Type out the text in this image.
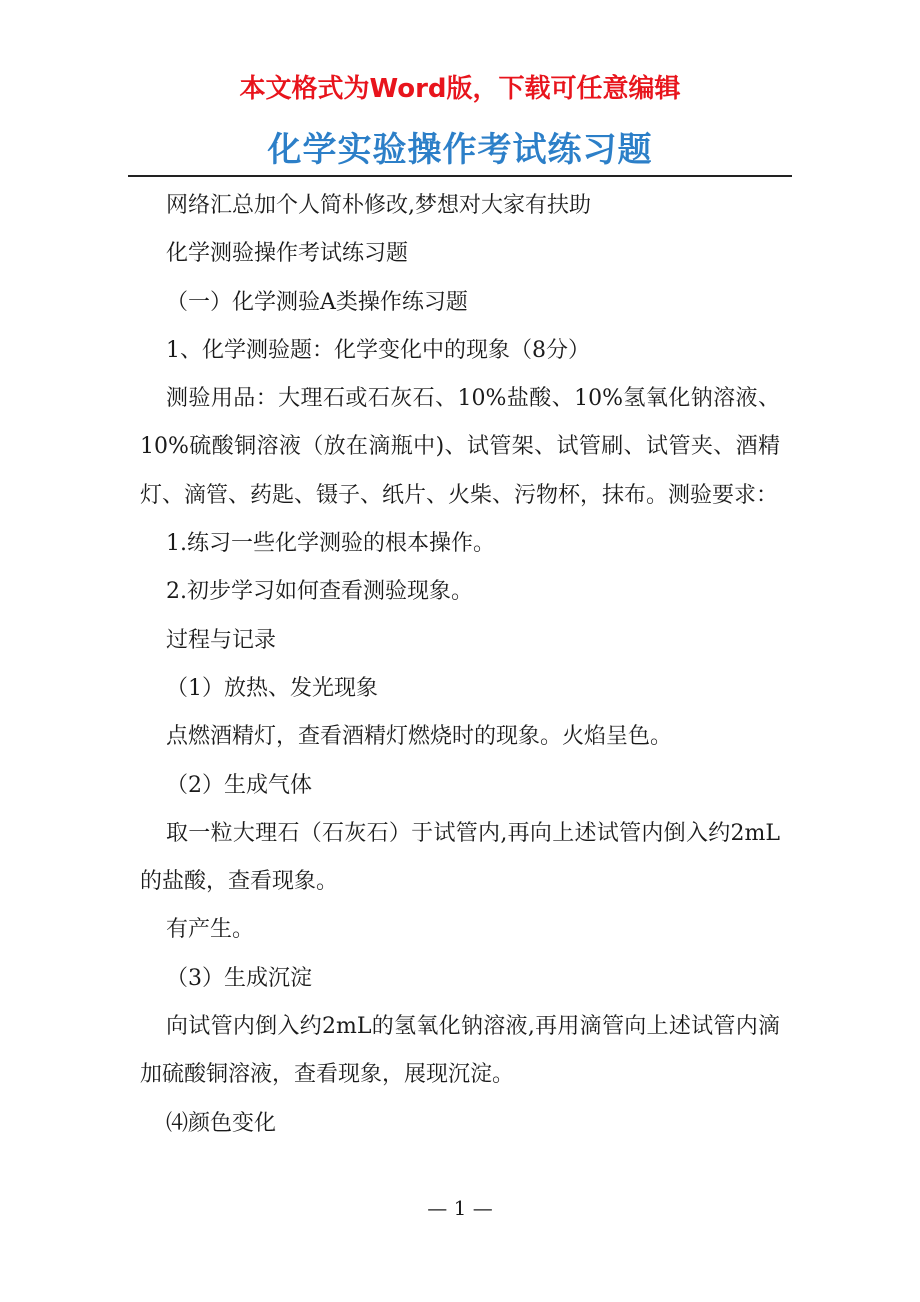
本文格式为Word版，下载可任意编辑
化学实验操作考试练习题

网络汇总加个人简朴修改,梦想对大家有扶助

化学测验操作考试练习题

（一）化学测验A类操作练习题

1、化学测验题：化学变化中的现象（8分）

测验用品：大理石或石灰石、10%盐酸、10%氢氧化钠溶液、10%硫酸铜溶液（放在滴瓶中)、试管架、试管刷、试管夹、酒精灯、滴管、药匙、镊子、纸片、火柴、污物杯，抹布。测验要求：

1.练习一些化学测验的根本操作。

2.初步学习如何查看测验现象。

过程与记录

（1）放热、发光现象

点燃酒精灯，查看酒精灯燃烧时的现象。火焰呈色。

（2）生成气体

取一粒大理石（石灰石）于试管内,再向上述试管内倒入约2mL的盐酸，查看现象。

有产生。

（3）生成沉淀

向试管内倒入约2mL的氢氧化钠溶液,再用滴管向上述试管内滴加硫酸铜溶液，查看现象，展现沉淀。

⑷颜色变化

— 1 —
